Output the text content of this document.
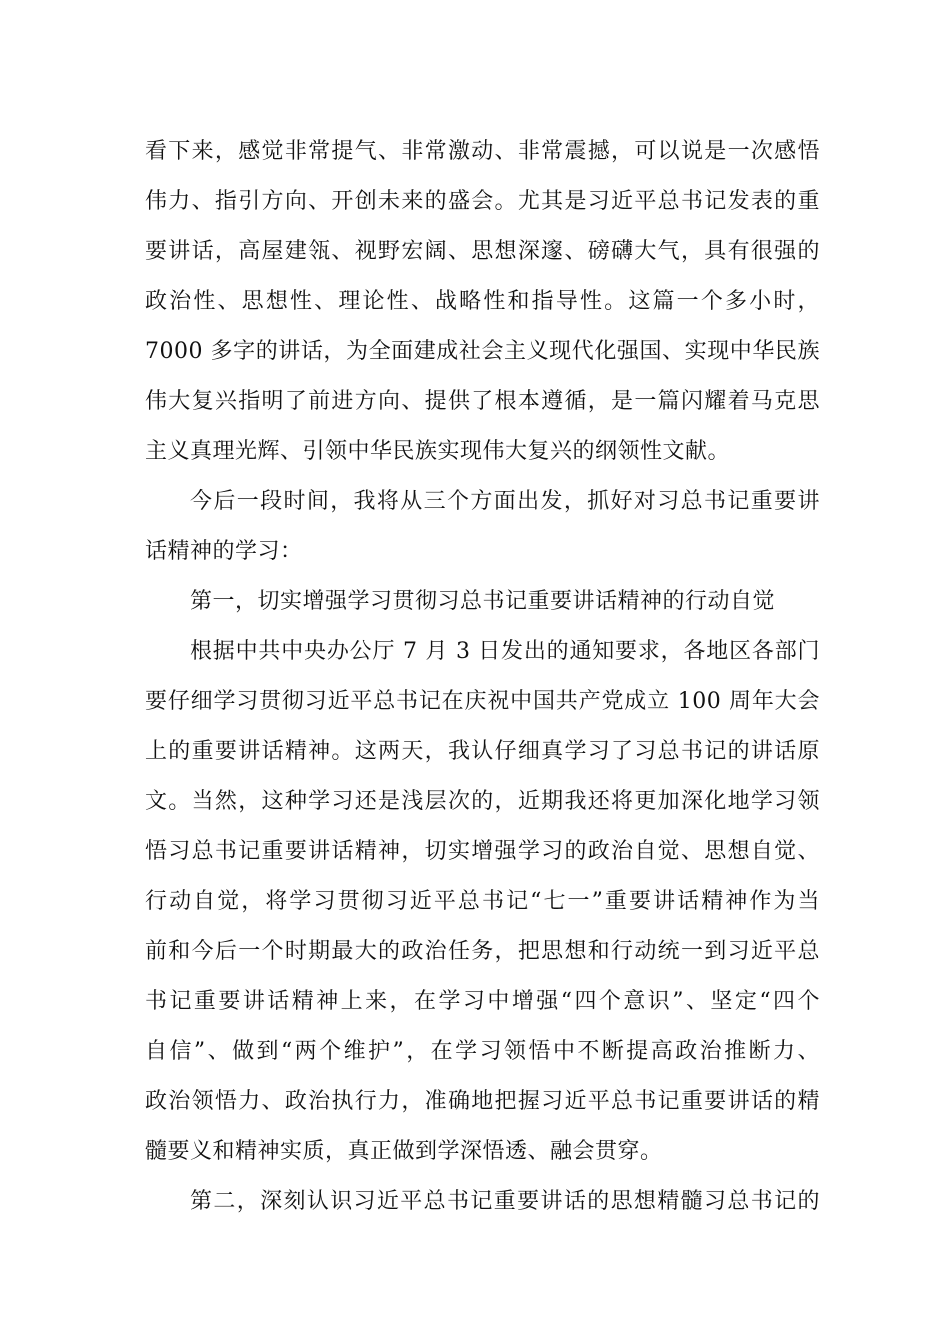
看下来，感觉非常提气、非常激动、非常震撼，可以说是一次感悟
伟力、指引方向、开创未来的盛会。尤其是习近平总书记发表的重
要讲话，高屋建瓴、视野宏阔、思想深邃、磅礴大气，具有很强的
政治性、思想性、理论性、战略性和指导性。这篇一个多小时，
7000 多字的讲话，为全面建成社会主义现代化强国、实现中华民族
伟大复兴指明了前进方向、提供了根本遵循，是一篇闪耀着马克思
主义真理光辉、引领中华民族实现伟大复兴的纲领性文献。
今后一段时间，我将从三个方面出发，抓好对习总书记重要讲
话精神的学习：
第一，切实增强学习贯彻习总书记重要讲话精神的行动自觉
根据中共中央办公厅 7 月 3 日发出的通知要求，各地区各部门
要仔细学习贯彻习近平总书记在庆祝中国共产党成立 100 周年大会
上的重要讲话精神。这两天，我认仔细真学习了习总书记的讲话原
文。当然，这种学习还是浅层次的，近期我还将更加深化地学习领
悟习总书记重要讲话精神，切实增强学习的政治自觉、思想自觉、
行动自觉，将学习贯彻习近平总书记“七一”重要讲话精神作为当
前和今后一个时期最大的政治任务，把思想和行动统一到习近平总
书记重要讲话精神上来，在学习中增强“四个意识”、坚定“四个
自信”、做到“两个维护”，在学习领悟中不断提高政治推断力、
政治领悟力、政治执行力，准确地把握习近平总书记重要讲话的精
髓要义和精神实质，真正做到学深悟透、融会贯穿。
第二，深刻认识习近平总书记重要讲话的思想精髓习总书记的
